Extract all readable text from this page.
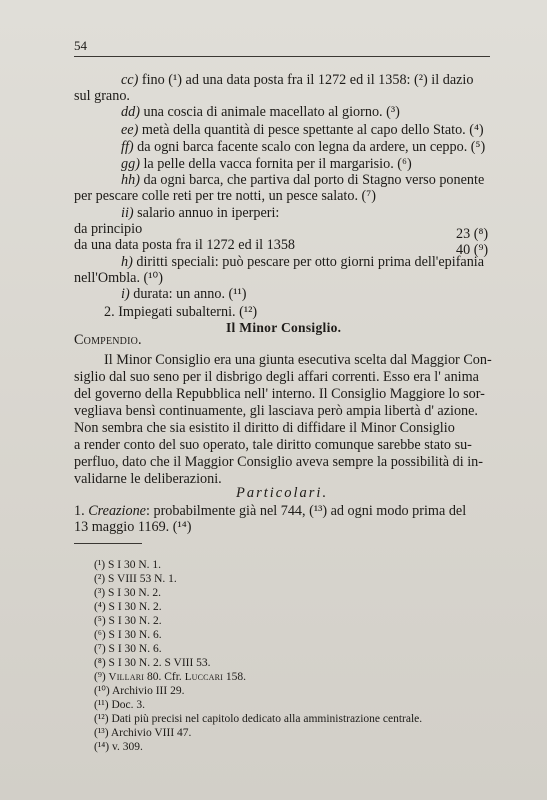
54
cc) fino (¹) ad una data posta fra il 1272 ed il 1358: (²) il dazio
sul grano.
dd) una coscia di animale macellato al giorno. (³)
ee) metà della quantità di pesce spettante al capo dello Stato. (⁴)
ff) da ogni barca facente scalo con legna da ardere, un ceppo. (⁵)
gg) la pelle della vacca fornita per il margarisio. (⁶)
hh) da ogni barca, che partiva dal porto di Stagno verso ponente
per pescare colle reti per tre notti, un pesce salato. (⁷)
ii) salario annuo in iperperi:
da principio	23 (⁸)
da una data posta fra il 1272 ed il 1358	40 (⁹)
h) diritti speciali: può pescare per otto giorni prima dell'epifania
nell'Ombla. (¹⁰)
i) durata: un anno. (¹¹)
2. Impiegati subalterni. (¹²)
Il Minor Consiglio.
Compendio.
Il Minor Consiglio era una giunta esecutiva scelta dal Maggior Con-
siglio dal suo seno per il disbrigo degli affari correnti. Esso era l' anima
del governo della Repubblica nell' interno. Il Consiglio Maggiore lo sor-
vegliava bensì continuamente, gli lasciava però ampia libertà d' azione.
Non sembra che sia esistito il diritto di diffidare il Minor Consiglio
a render conto del suo operato, tale diritto comunque sarebbe stato su-
perfluo, dato che il Maggior Consiglio aveva sempre la possibilità di in-
validarne le deliberazioni.
Particolari.
1. Creazione: probabilmente già nel 744, (¹³) ad ogni modo prima del
13 maggio 1169. (¹⁴)
(¹) S I 30 N. 1.
(²) S VIII 53 N. 1.
(³) S I 30 N. 2.
(⁴) S I 30 N. 2.
(⁵) S I 30 N. 2.
(⁶) S I 30 N. 6.
(⁷) S I 30 N. 6.
(⁸) S I 30 N. 2. S VIII 53.
(⁹) Villari 80. Cfr. Luccari 158.
(¹⁰) Archivio III 29.
(¹¹) Doc. 3.
(¹²) Dati più precisi nel capitolo dedicato alla amministrazione centrale.
(¹³) Archivio VIII 47.
(¹⁴) v. 309.
